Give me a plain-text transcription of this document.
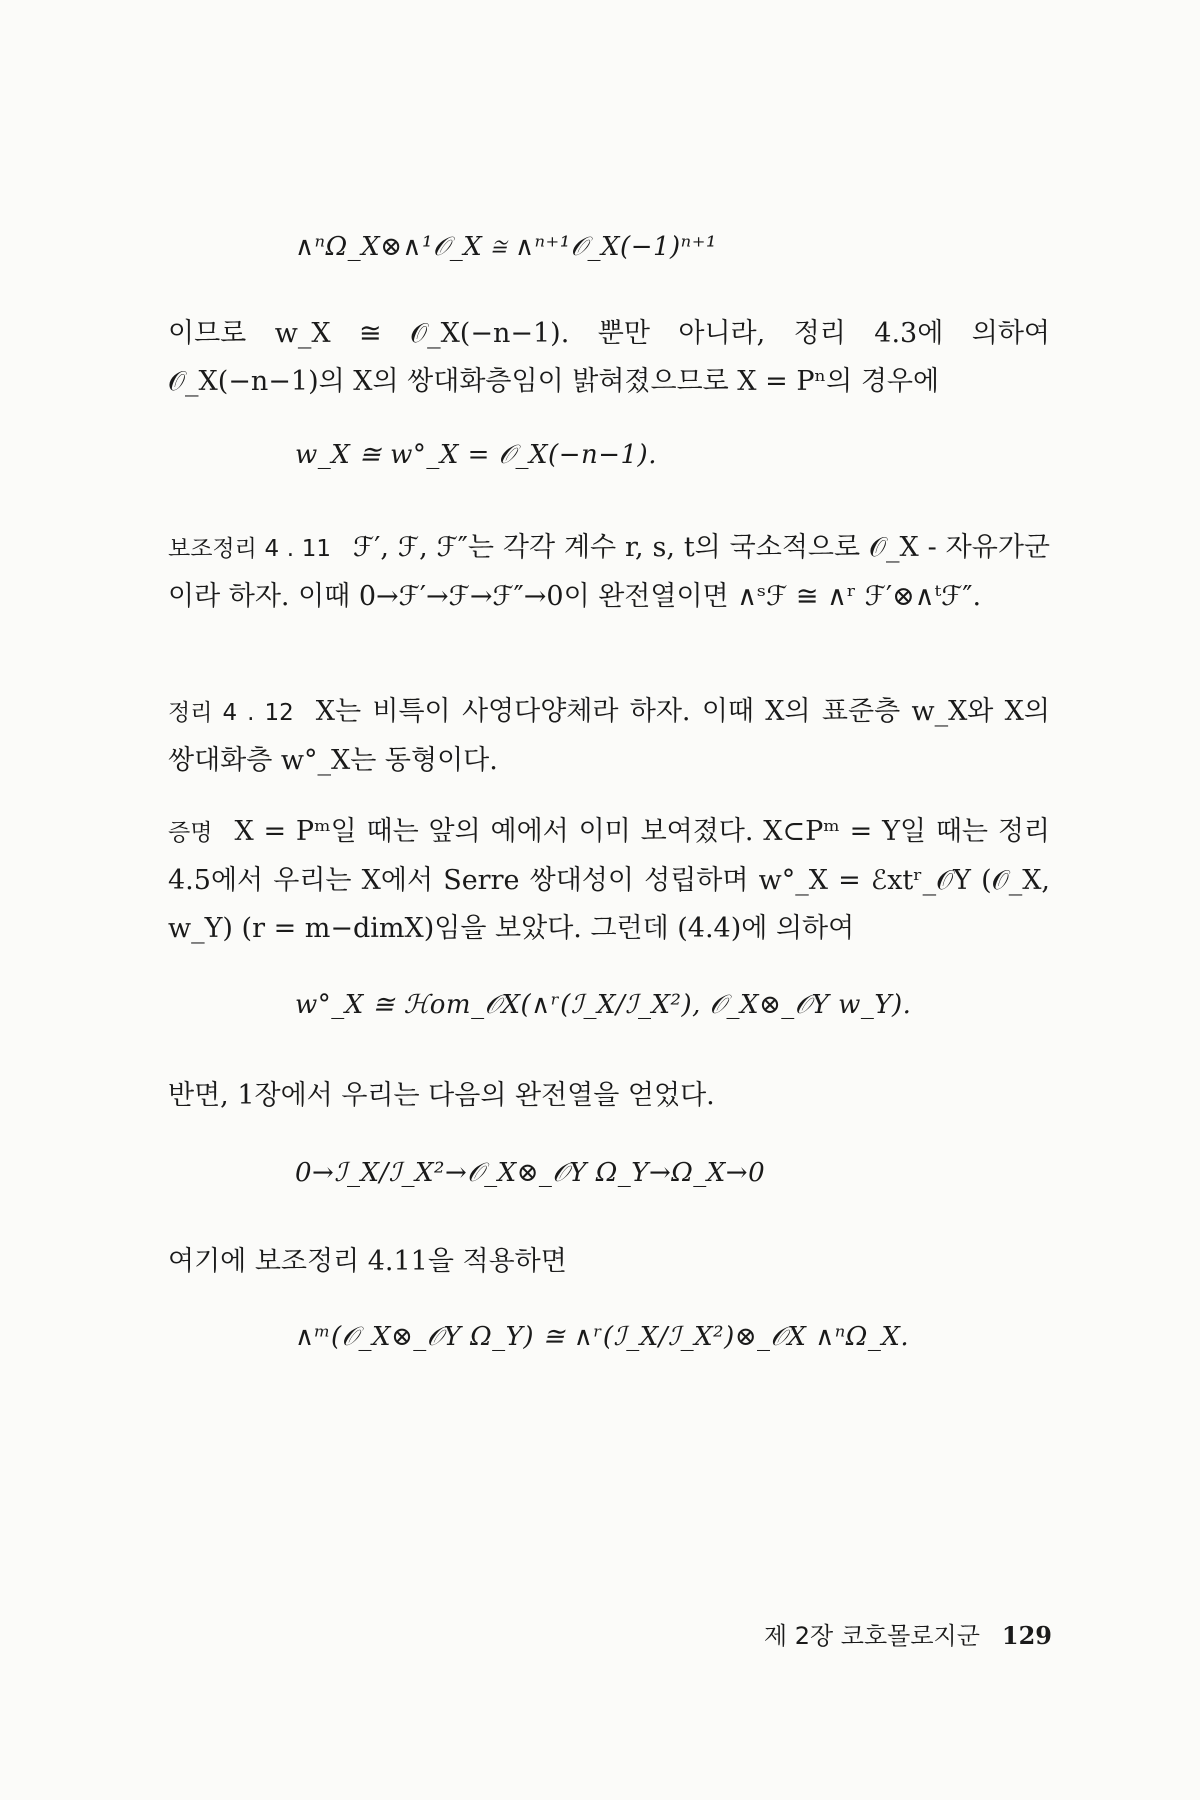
∧ⁿΩ_X⊗∧¹𝒪_X ≅ ∧ⁿ⁺¹𝒪_X(−1)ⁿ⁺¹
이므로 w_X ≅ 𝒪_X(−n−1). 뿐만 아니라, 정리 4.3에 의하여 𝒪_X(−n−1)의 X의 쌍대화층임이 밝혀졌으므로 X = Pⁿ의 경우에
w_X ≅ w°_X = 𝒪_X(−n−1).
보조정리 4 . 11 ℱ′, ℱ, ℱ″는 각각 계수 r, s, t의 국소적으로 𝒪_X - 자유가군이라 하자. 이때 0→ℱ′→ℱ→ℱ″→0이 완전열이면 ∧ˢℱ ≅ ∧ʳ ℱ′⊗∧ᵗℱ″.
정리 4 . 12 X는 비특이 사영다양체라 하자. 이때 X의 표준층 w_X와 X의 쌍대화층 w°_X는 동형이다.
증명 X = Pᵐ일 때는 앞의 예에서 이미 보여졌다. X⊂Pᵐ = Y일 때는 정리 4.5에서 우리는 X에서 Serre 쌍대성이 성립하며 w°_X = ℰxtʳ_𝒪Y (𝒪_X, w_Y) (r = m−dimX)임을 보았다. 그런데 (4.4)에 의하여
w°_X ≅ ℋom_𝒪X(∧ʳ(ℐ_X/ℐ_X²), 𝒪_X⊗_𝒪Y w_Y).
반면, 1장에서 우리는 다음의 완전열을 얻었다.
0→ℐ_X/ℐ_X²→𝒪_X⊗_𝒪Y Ω_Y→Ω_X→0
여기에 보조정리 4.11을 적용하면
∧ᵐ(𝒪_X⊗_𝒪Y Ω_Y) ≅ ∧ʳ(ℐ_X/ℐ_X²)⊗_𝒪X ∧ⁿΩ_X.
제 2장 코호몰로지군 129
